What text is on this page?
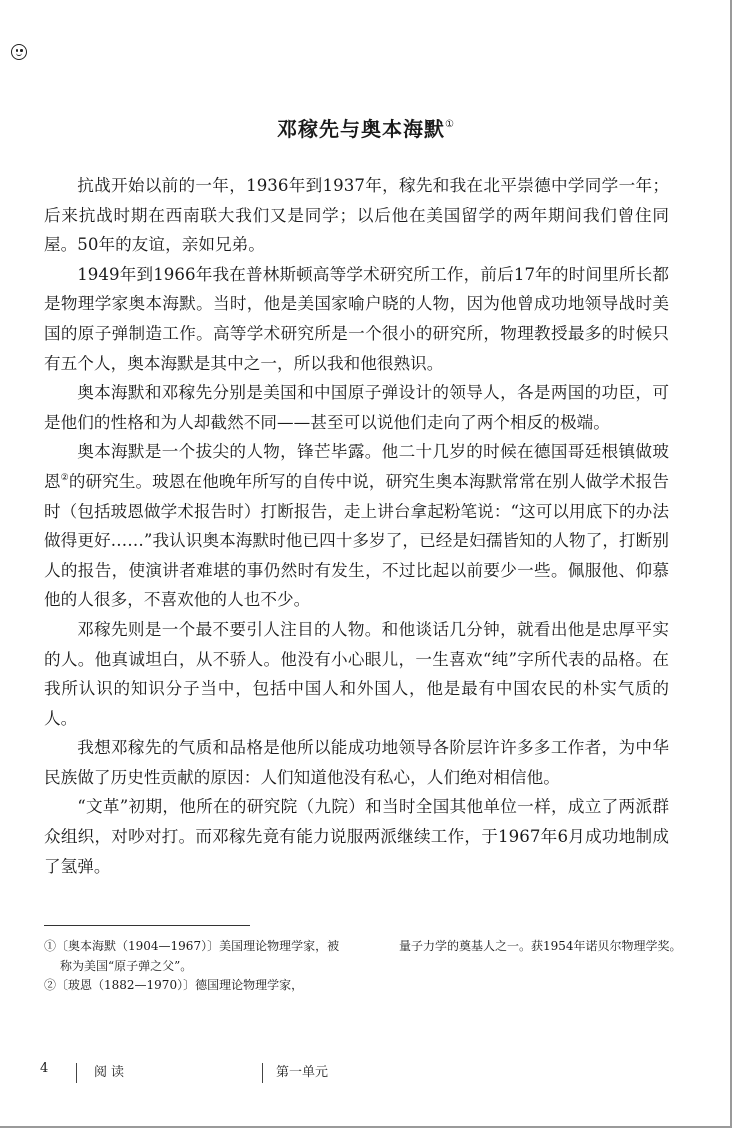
邓稼先与奥本海默①

抗战开始以前的一年，1936年到1937年，稼先和我在北平崇德中学同学一年；后来抗战时期在西南联大我们又是同学；以后他在美国留学的两年期间我们曾住同屋。50年的友谊，亲如兄弟。

1949年到1966年我在普林斯顿高等学术研究所工作，前后17年的时间里所长都是物理学家奥本海默。当时，他是美国家喻户晓的人物，因为他曾成功地领导战时美国的原子弹制造工作。高等学术研究所是一个很小的研究所，物理教授最多的时候只有五个人，奥本海默是其中之一，所以我和他很熟识。

奥本海默和邓稼先分别是美国和中国原子弹设计的领导人，各是两国的功臣，可是他们的性格和为人却截然不同——甚至可以说他们走向了两个相反的极端。

奥本海默是一个拔尖的人物，锋芒毕露。他二十几岁的时候在德国哥廷根镇做玻恩②的研究生。玻恩在他晚年所写的自传中说，研究生奥本海默常常在别人做学术报告时（包括玻恩做学术报告时）打断报告，走上讲台拿起粉笔说：“这可以用底下的办法做得更好……”我认识奥本海默时他已四十多岁了，已经是妇孺皆知的人物了，打断别人的报告，使演讲者难堪的事仍然时有发生，不过比起以前要少一些。佩服他、仰慕他的人很多，不喜欢他的人也不少。

邓稼先则是一个最不要引人注目的人物。和他谈话几分钟，就看出他是忠厚平实的人。他真诚坦白，从不骄人。他没有小心眼儿，一生喜欢“纯”字所代表的品格。在我所认识的知识分子当中，包括中国人和外国人，他是最有中国农民的朴实气质的人。

我想邓稼先的气质和品格是他所以能成功地领导各阶层许许多多工作者，为中华民族做了历史性贡献的原因：人们知道他没有私心，人们绝对相信他。

“文革”初期，他所在的研究院（九院）和当时全国其他单位一样，成立了两派群众组织，对吵对打。而邓稼先竟有能力说服两派继续工作，于1967年6月成功地制成了氢弹。

①〔奥本海默（1904—1967）〕美国理论物理学家，被称为美国“原子弹之父”。

②〔玻恩（1882—1970）〕德国理论物理学家，

量子力学的奠基人之一。获1954年诺贝尔物理学奖。

4	阅读	第一单元
